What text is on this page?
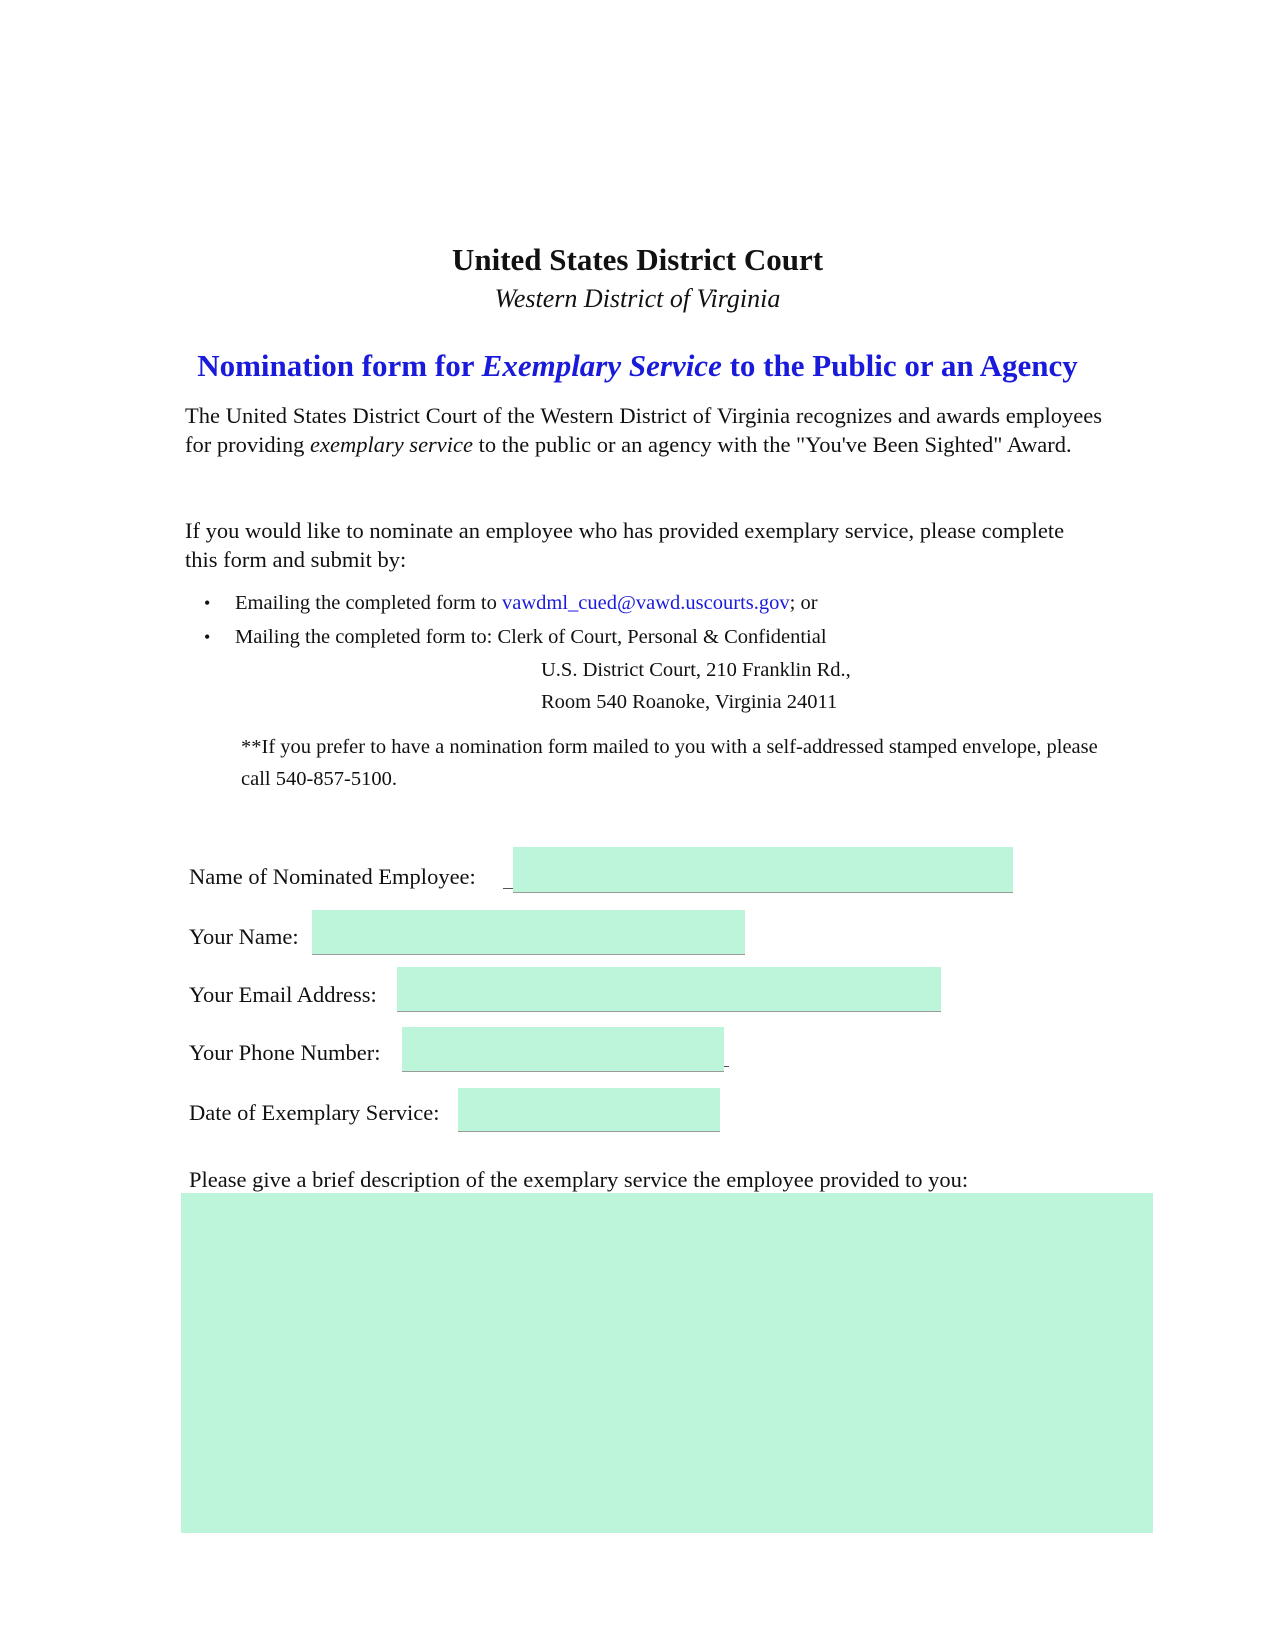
United States District Court
Western District of Virginia
Nomination form for Exemplary Service to the Public or an Agency
The United States District Court of the Western District of Virginia recognizes and awards employees for providing exemplary service to the public or an agency with the "You've Been Sighted" Award.
If you would like to nominate an employee who has provided exemplary service, please complete this form and submit by:
• Emailing the completed form to vawdml_cued@vawd.uscourts.gov; or
• Mailing the completed form to: Clerk of Court, Personal & Confidential
U.S. District Court, 210 Franklin Rd.,
Room 540 Roanoke, Virginia 24011
**If you prefer to have a nomination form mailed to you with a self-addressed stamped envelope, please call 540-857-5100.
Name of Nominated Employee:
Your Name:
Your Email Address:
Your Phone Number:
Date of Exemplary Service:
Please give a brief description of the exemplary service the employee provided to you:
